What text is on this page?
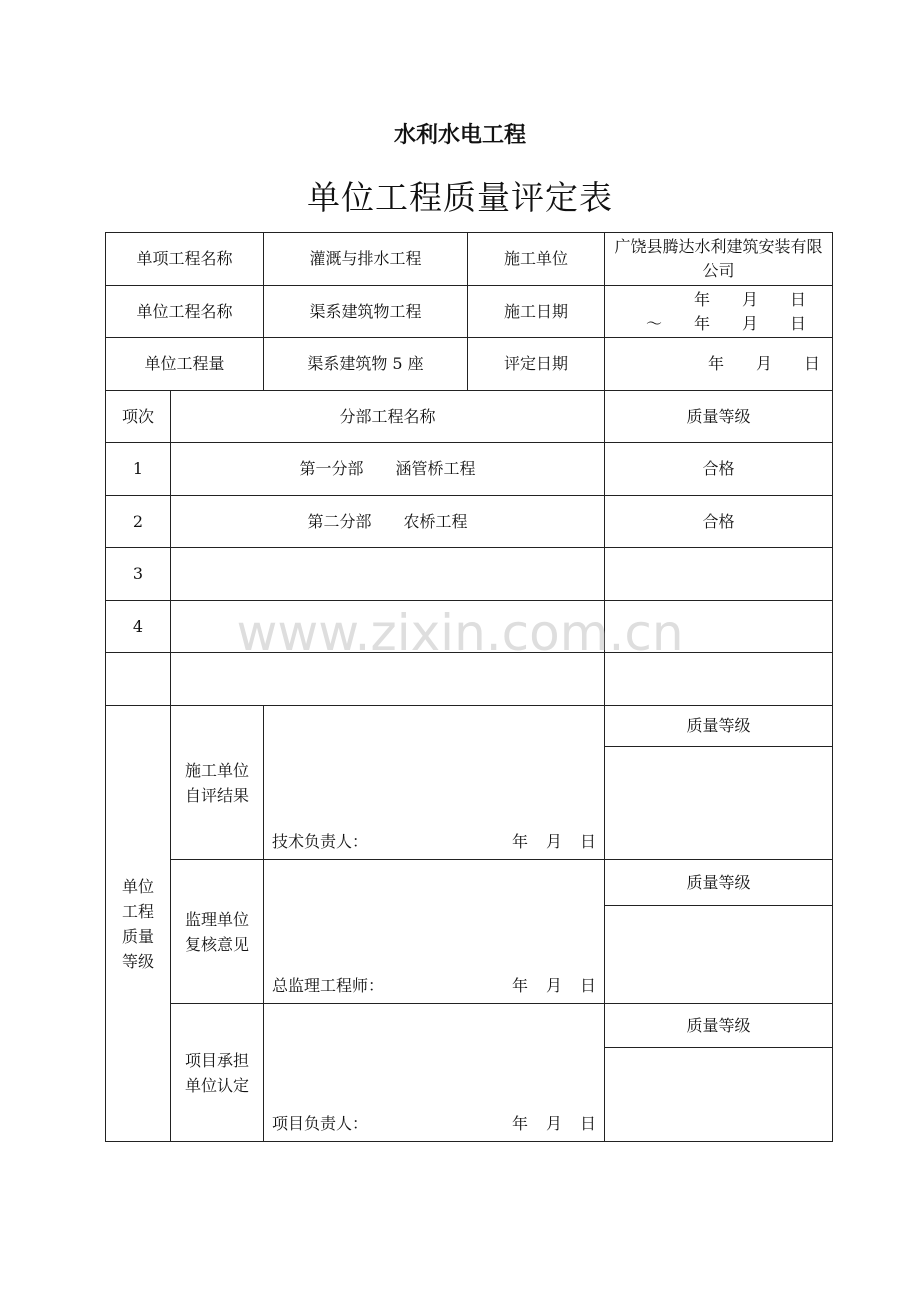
水利水电工程
单位工程质量评定表
单项工程名称		灌溉与排水工程	施工单位	广饶县腾达水利建筑安装有限公司
单位工程名称		渠系建筑物工程	施工日期	年　　月　　日
～　　年　　月　　日

单位工程量		渠系建筑物 5 座	评定日期	年　　月　　日
项次	分部工程名称			质量等级
1	第一分部　　涵管桥工程			合格
2	第二分部　　农桥工程			合格
3				
4				

单位工程质量等级	施工单位自评结果	技术负责人： 年 月 日		质量等级

	监理单位复核意见	总监理工程师： 年 月 日		质量等级

	项目承担单位认定	项目负责人： 年 月 日		质量等级

www.zixin.com.cn
